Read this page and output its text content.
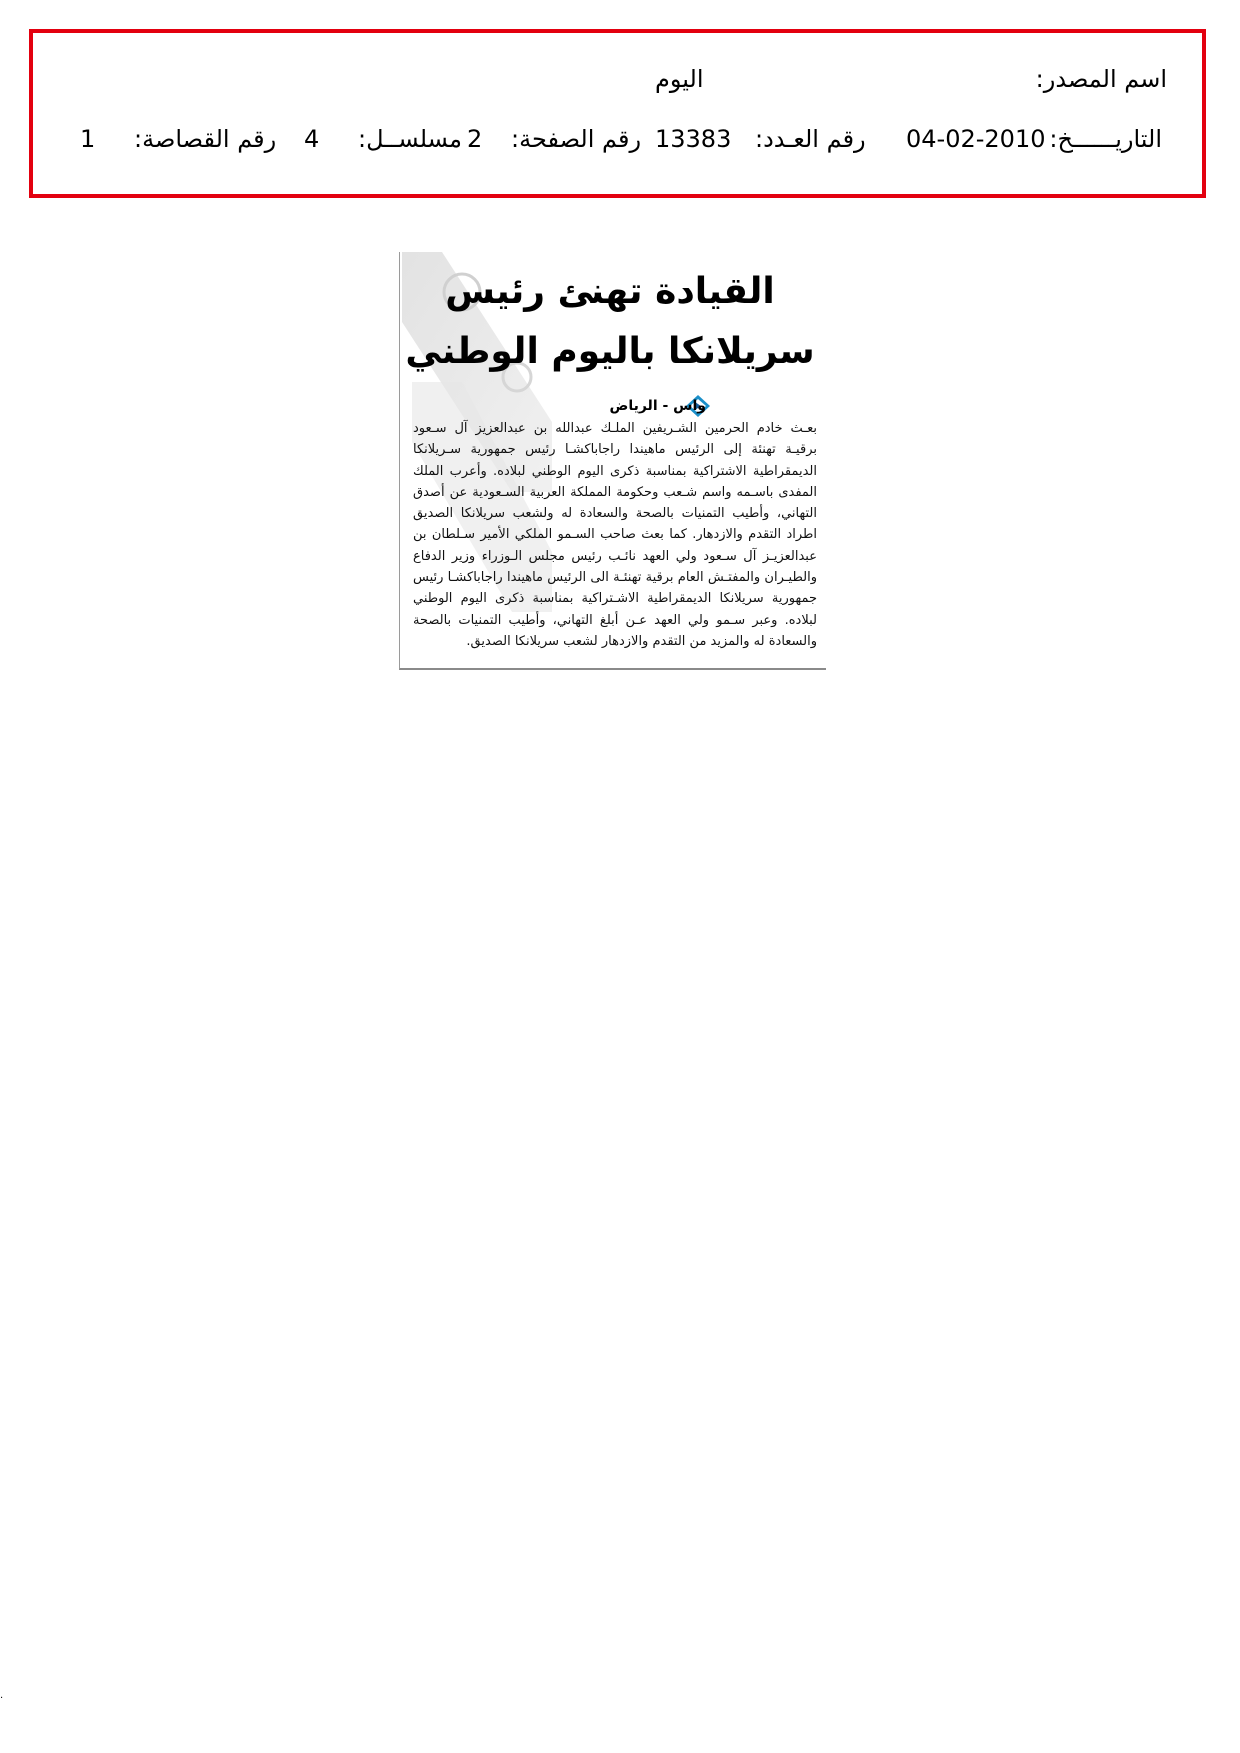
اسم المصدر:
اليوم
التاريــــــخ:
04-02-2010
رقم العـدد:
13383
رقم الصفحة:
2
مسلســل:
4
رقم القصاصة:
1
القيادة تهنئ رئيس
سريلانكا باليوم الوطني
واس - الرياض
بعـث خادم الحرمين الشـريفين الملـك عبدالله بن عبدالعزيز آل سـعود برقيـة تهنئة إلى الرئيس ماهيندا راجاباكشـا رئيس جمهورية سـريلانكا الديمقراطية الاشتراكية بمناسبة ذكرى اليوم الوطني لبلاده. وأعرب الملك المفدى باسـمه واسم شـعب وحكومة المملكة العربية السـعودية عن أصدق التهاني، وأطيب التمنيات بالصحة والسعادة له ولشعب سريلانكا الصديق اطراد التقدم والازدهار. كما بعث صاحب السـمو الملكي الأمير سـلطان بن عبدالعزيـز آل سـعود ولي العهد نائـب رئيس مجلس الـوزراء وزير الدفاع والطيـران والمفتـش العام برقية تهنئـة الى الرئيس ماهيندا راجاباكشـا رئيس جمهورية سريلانكا الديمقراطية الاشـتراكية بمناسبة ذكرى اليوم الوطني لبلاده. وعبر سـمو ولي العهد عـن أبلغ التهاني، وأطيب التمنيات بالصحة والسعادة له والمزيد من التقدم والازدهار لشعب سريلانكا الصديق.
.
